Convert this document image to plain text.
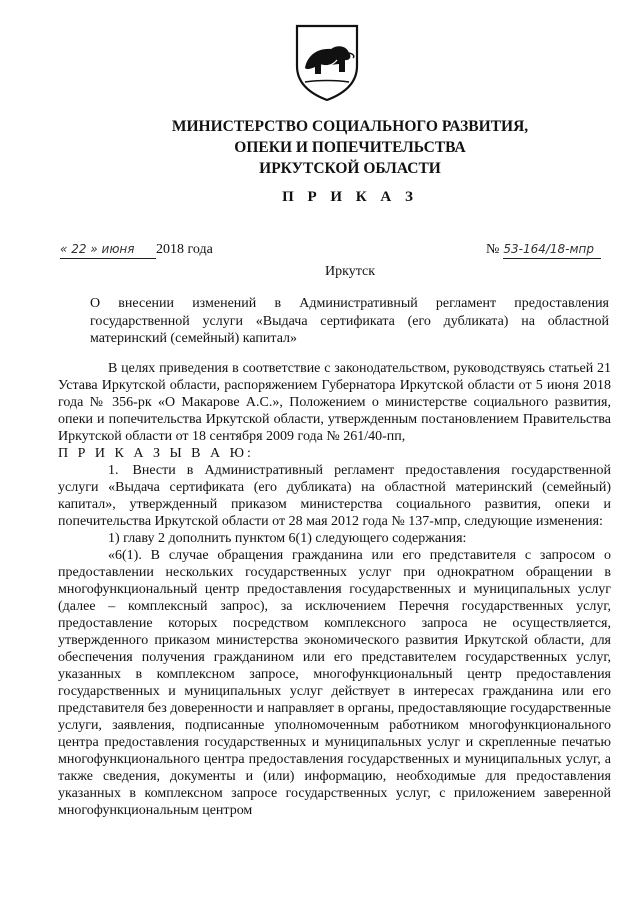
МИНИСТЕРСТВО СОЦИАЛЬНОГО РАЗВИТИЯ,
ОПЕКИ И ПОПЕЧИТЕЛЬСТВА
ИРКУТСКОЙ ОБЛАСТИ
П Р И К А З
« 22 » июня 2018 года	№ 53-164/18-мпр
Иркутск
О внесении изменений в Административный регламент предоставления государственной услуги «Выдача сертификата (его дубликата) на областной материнский (семейный) капитал»

В целях приведения в соответствие с законодательством, руководствуясь статьей 21 Устава Иркутской области, распоряжением Губернатора Иркутской области от 5 июня 2018 года № 356-рк «О Макарове А.С.», Положением о министерстве социального развития, опеки и попечительства Иркутской области, утвержденным постановлением Правительства Иркутской области от 18 сентября 2009 года № 261/40-пп,

П Р И К А З Ы В А Ю:

1. Внести в Административный регламент предоставления государственной услуги «Выдача сертификата (его дубликата) на областной материнский (семейный) капитал», утвержденный приказом министерства социального развития, опеки и попечительства Иркутской области от 28 мая 2012 года № 137-мпр, следующие изменения:

1) главу 2 дополнить пунктом 6(1) следующего содержания:

«6(1). В случае обращения гражданина или его представителя с запросом о предоставлении нескольких государственных услуг при однократном обращении в многофункциональный центр предоставления государственных и муниципальных услуг (далее – комплексный запрос), за исключением Перечня государственных услуг, предоставление которых посредством комплексного запроса не осуществляется, утвержденного приказом министерства экономического развития Иркутской области, для обеспечения получения гражданином или его представителем государственных услуг, указанных в комплексном запросе, многофункциональный центр предоставления государственных и муниципальных услуг действует в интересах гражданина или его представителя без доверенности и направляет в органы, предоставляющие государственные услуги, заявления, подписанные уполномоченным работником многофункционального центра предоставления государственных и муниципальных услуг и скрепленные печатью многофункционального центра предоставления государственных и муниципальных услуг, а также сведения, документы и (или) информацию, необходимые для предоставления указанных в комплексном запросе государственных услуг, с приложением заверенной многофункциональным центром
